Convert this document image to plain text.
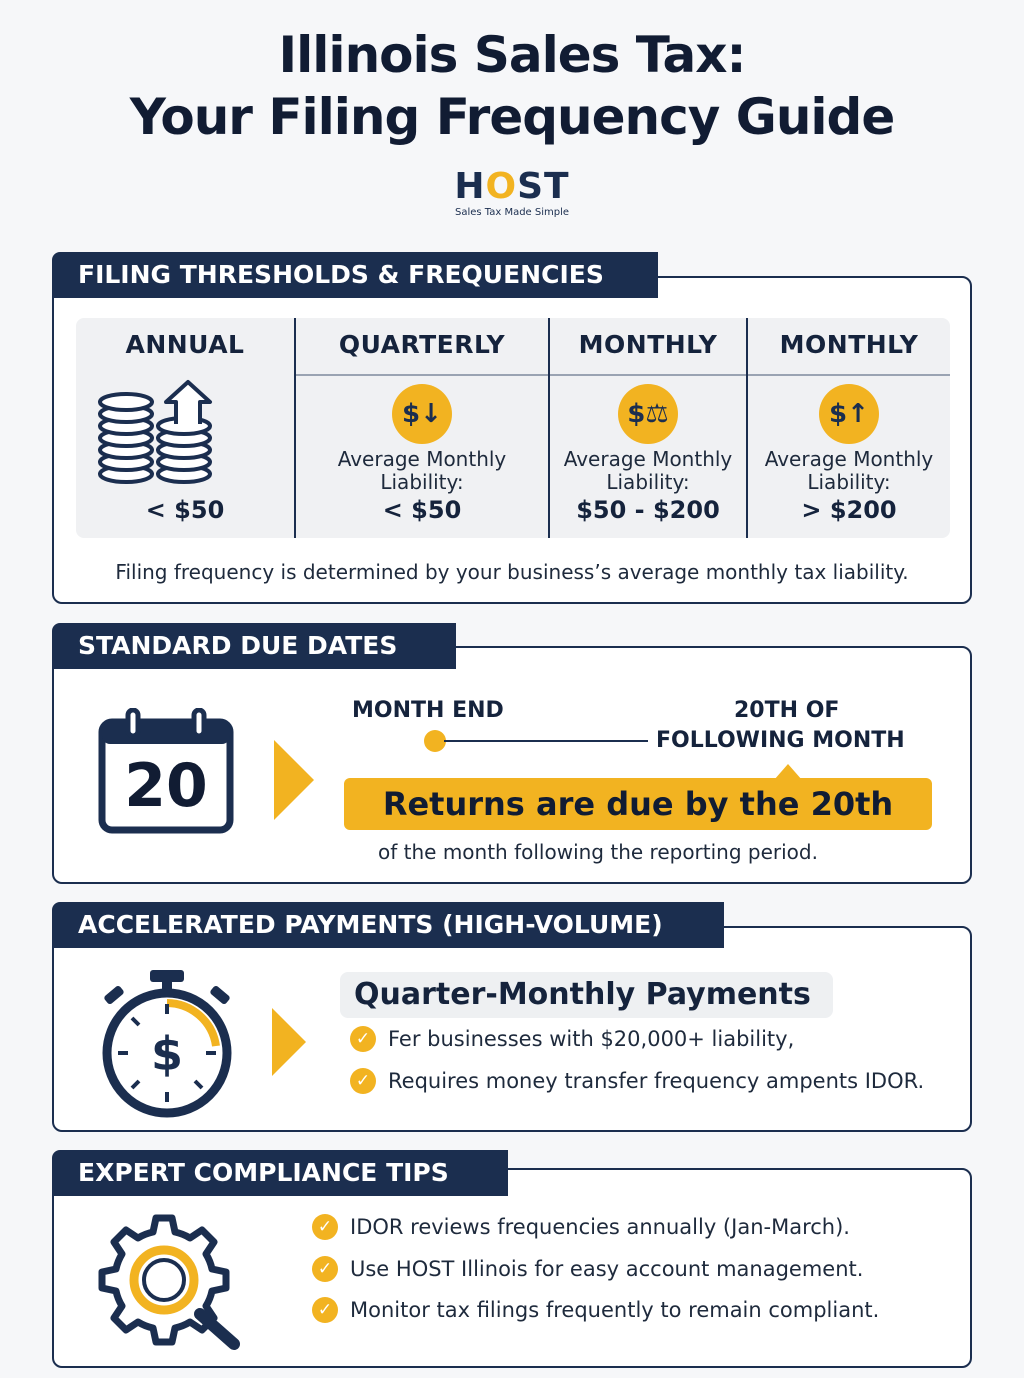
Illinois Sales Tax:
Your Filing Frequency Guide
HOST
Sales Tax Made Simple
ANNUAL
< $50
QUARTERLY
$↓
Average Monthly Liability:
< $50
MONTHLY
$⚖
Average Monthly Liability:
$50 - $200
MONTHLY
$↑
Average Monthly Liability:
> $200
Filing frequency is determined by your business’s average monthly tax liability.
FILING THRESHOLDS & FREQUENCIES
20
MONTH END	20TH OF
FOLLOWING MONTH
Returns are due by the 20th
of the month following the reporting period.
STANDARD DUE DATES
$
Quarter-Monthly Payments
✓ Fer businesses with $20,000+ liability,
✓ Requires money transfer frequency ampents IDOR.
ACCELERATED PAYMENTS (HIGH-VOLUME)
✓ IDOR reviews frequencies annually (Jan-March).
✓ Use HOST Illinois for easy account management.
✓ Monitor tax filings frequently to remain compliant.
EXPERT COMPLIANCE TIPS
